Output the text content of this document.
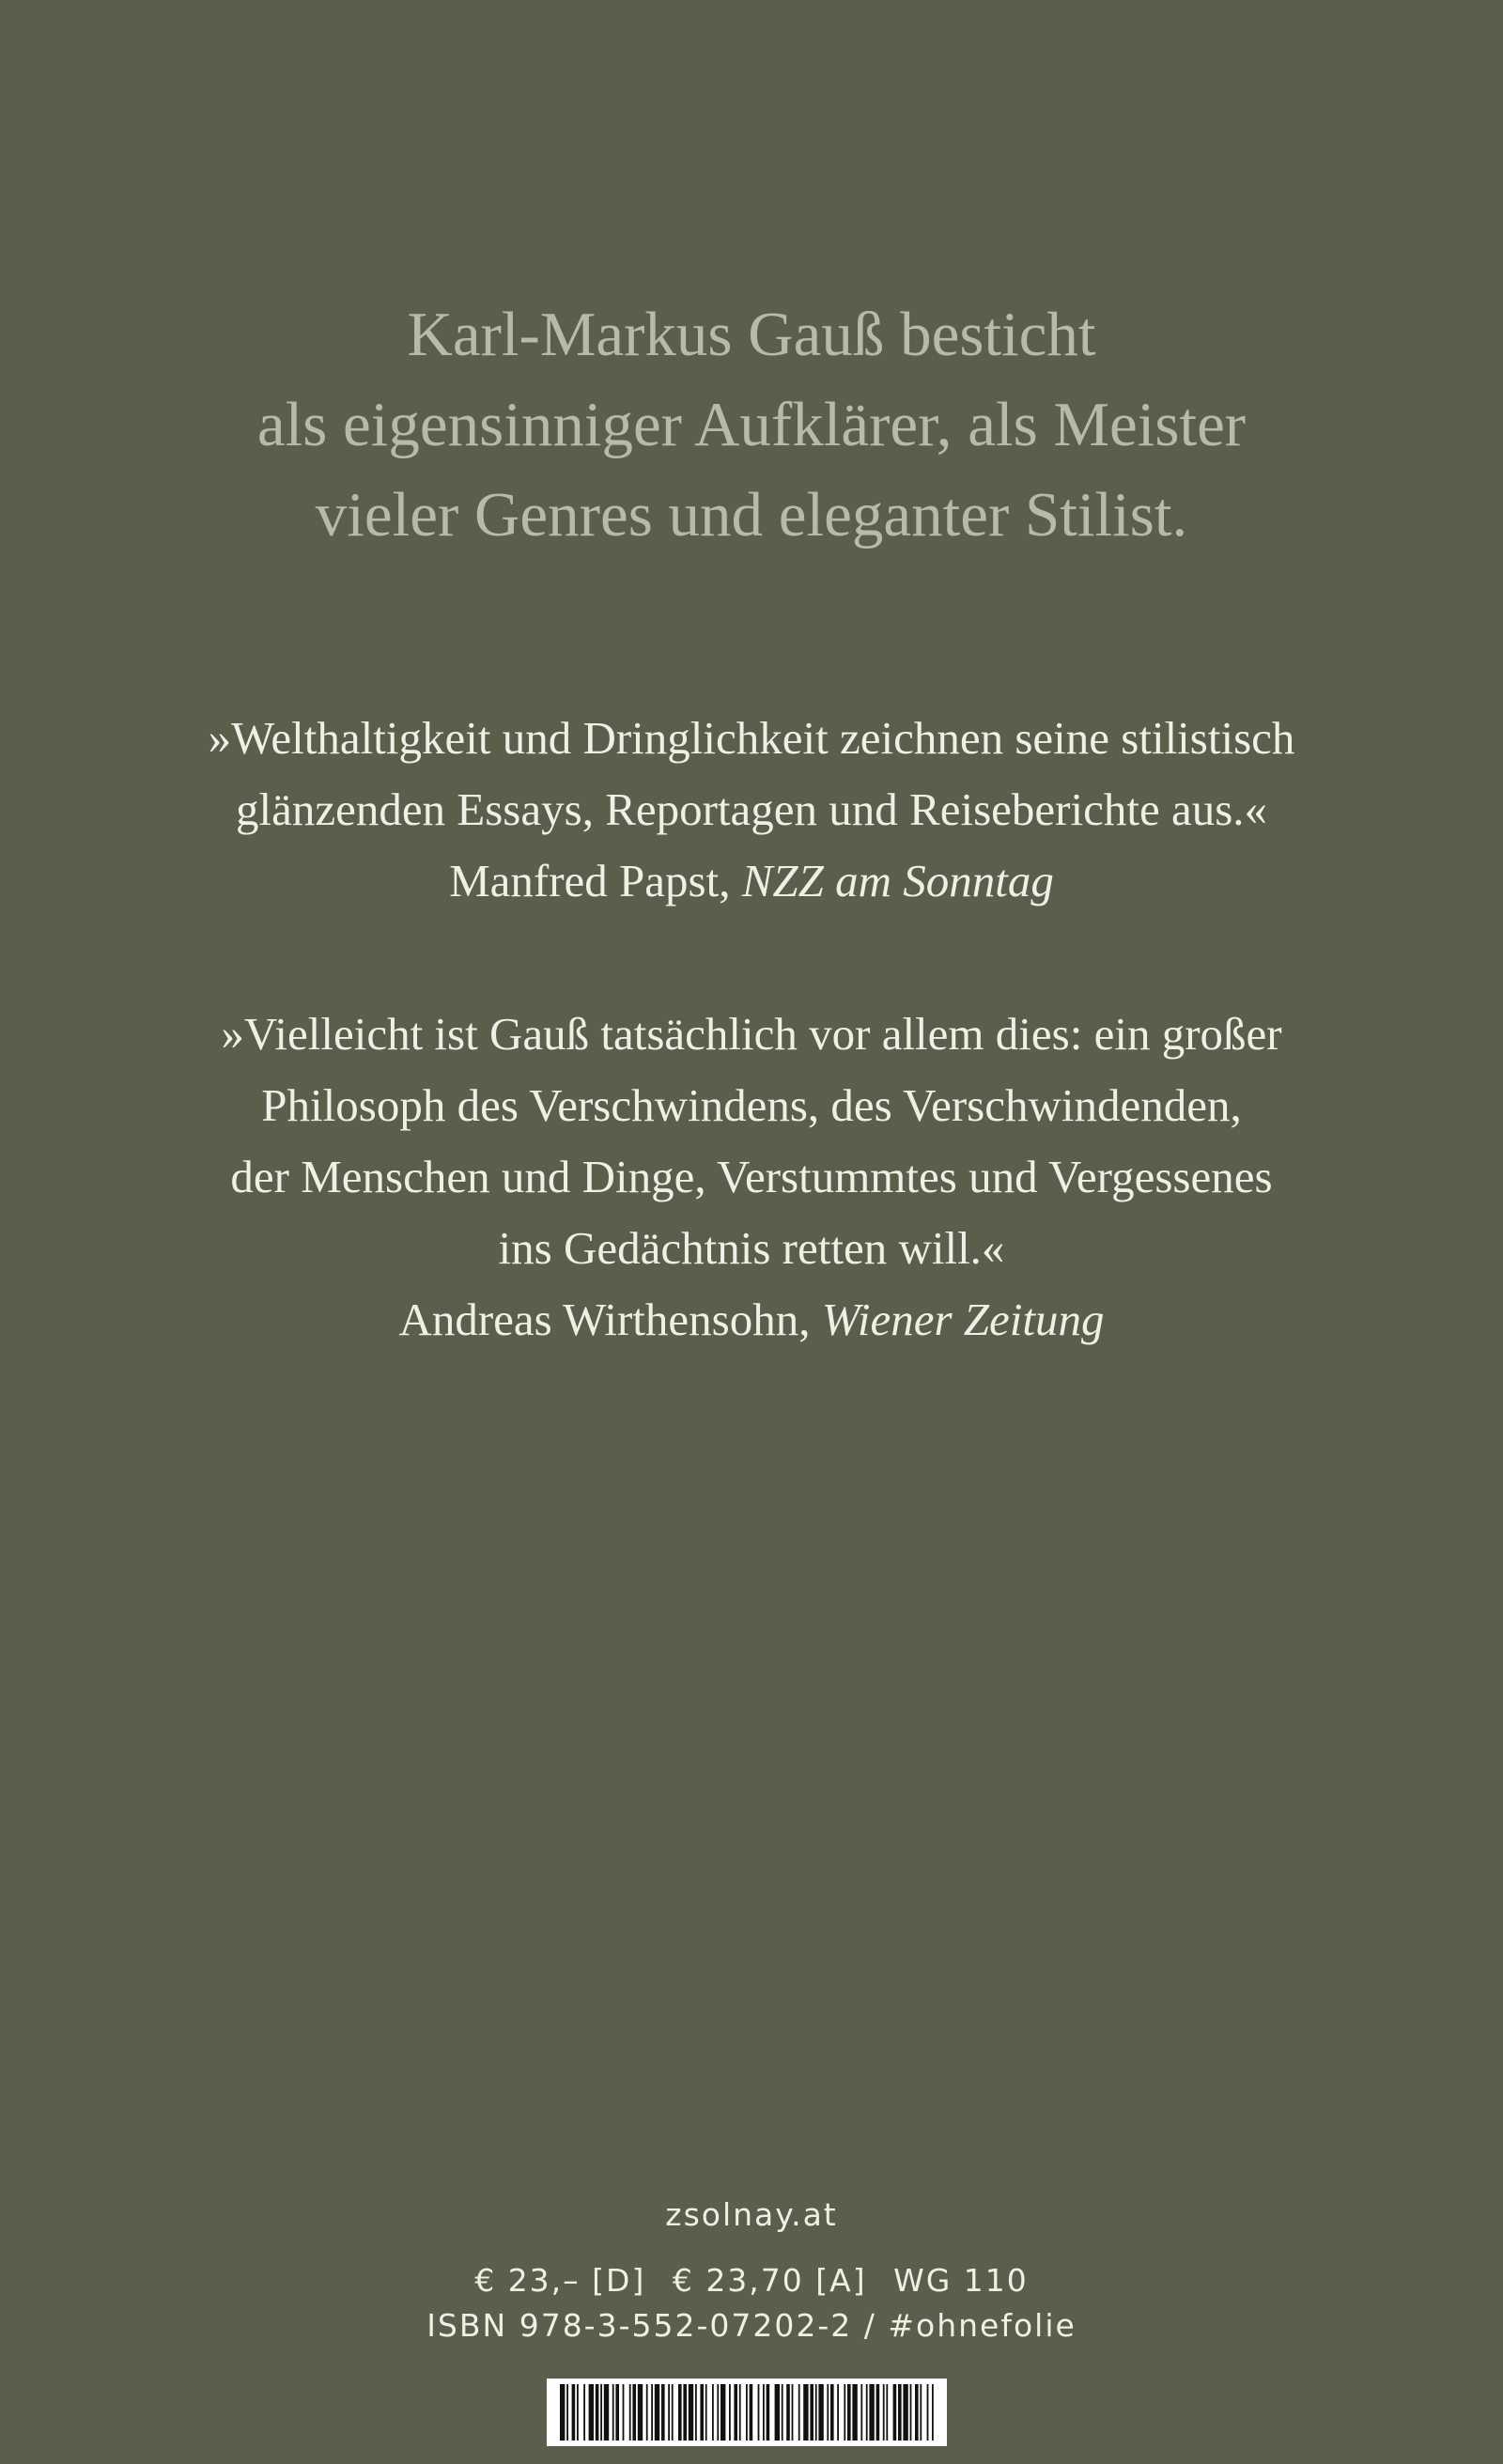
Karl-Markus Gauß besticht
als eigensinniger Aufklärer, als Meister
vieler Genres und eleganter Stilist.
»Welthaltigkeit und Dringlichkeit zeichnen seine stilistisch
glänzenden Essays, Reportagen und Reiseberichte aus.«
Manfred Papst, NZZ am Sonntag
»Vielleicht ist Gauß tatsächlich vor allem dies: ein großer
Philosoph des Verschwindens, des Verschwindenden,
der Menschen und Dinge, Verstummtes und Vergessenes
ins Gedächtnis retten will.«
Andreas Wirthensohn, Wiener Zeitung
zsolnay.at
€ 23,– [D] € 23,70 [A] WG 110
ISBN 978-3-552-07202-2 / #ohnefolie
